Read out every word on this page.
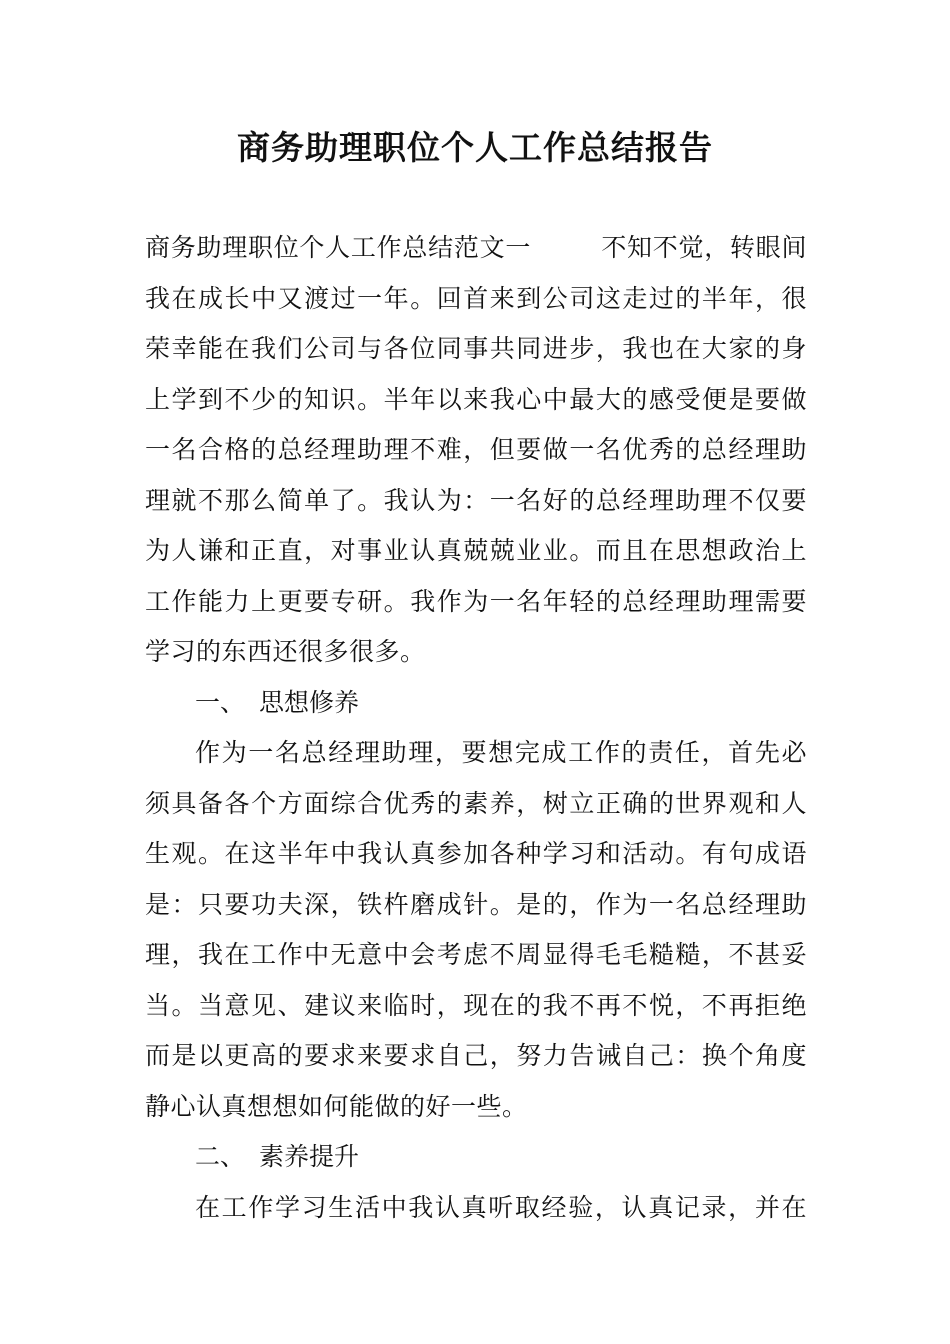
商务助理职位个人工作总结报告
商务助理职位个人工作总结范文一	不知不觉，转眼间
我在成长中又渡过一年。回首来到公司这走过的半年，很
荣幸能在我们公司与各位同事共同进步，我也在大家的身
上学到不少的知识。半年以来我心中最大的感受便是要做
一名合格的总经理助理不难，但要做一名优秀的总经理助
理就不那么简单了。我认为：一名好的总经理助理不仅要
为人谦和正直，对事业认真兢兢业业。而且在思想政治上
工作能力上更要专研。我作为一名年轻的总经理助理需要
学习的东西还很多很多。
一、 思想修养
作为一名总经理助理，要想完成工作的责任，首先必
须具备各个方面综合优秀的素养，树立正确的世界观和人
生观。在这半年中我认真参加各种学习和活动。有句成语
是：只要功夫深，铁杵磨成针。是的，作为一名总经理助
理，我在工作中无意中会考虑不周显得毛毛糙糙，不甚妥
当。当意见、建议来临时，现在的我不再不悦，不再拒绝
而是以更高的要求来要求自己，努力告诫自己：换个角度
静心认真想想如何能做的好一些。
二、 素养提升
在工作学习生活中我认真听取经验，认真记录，并在
